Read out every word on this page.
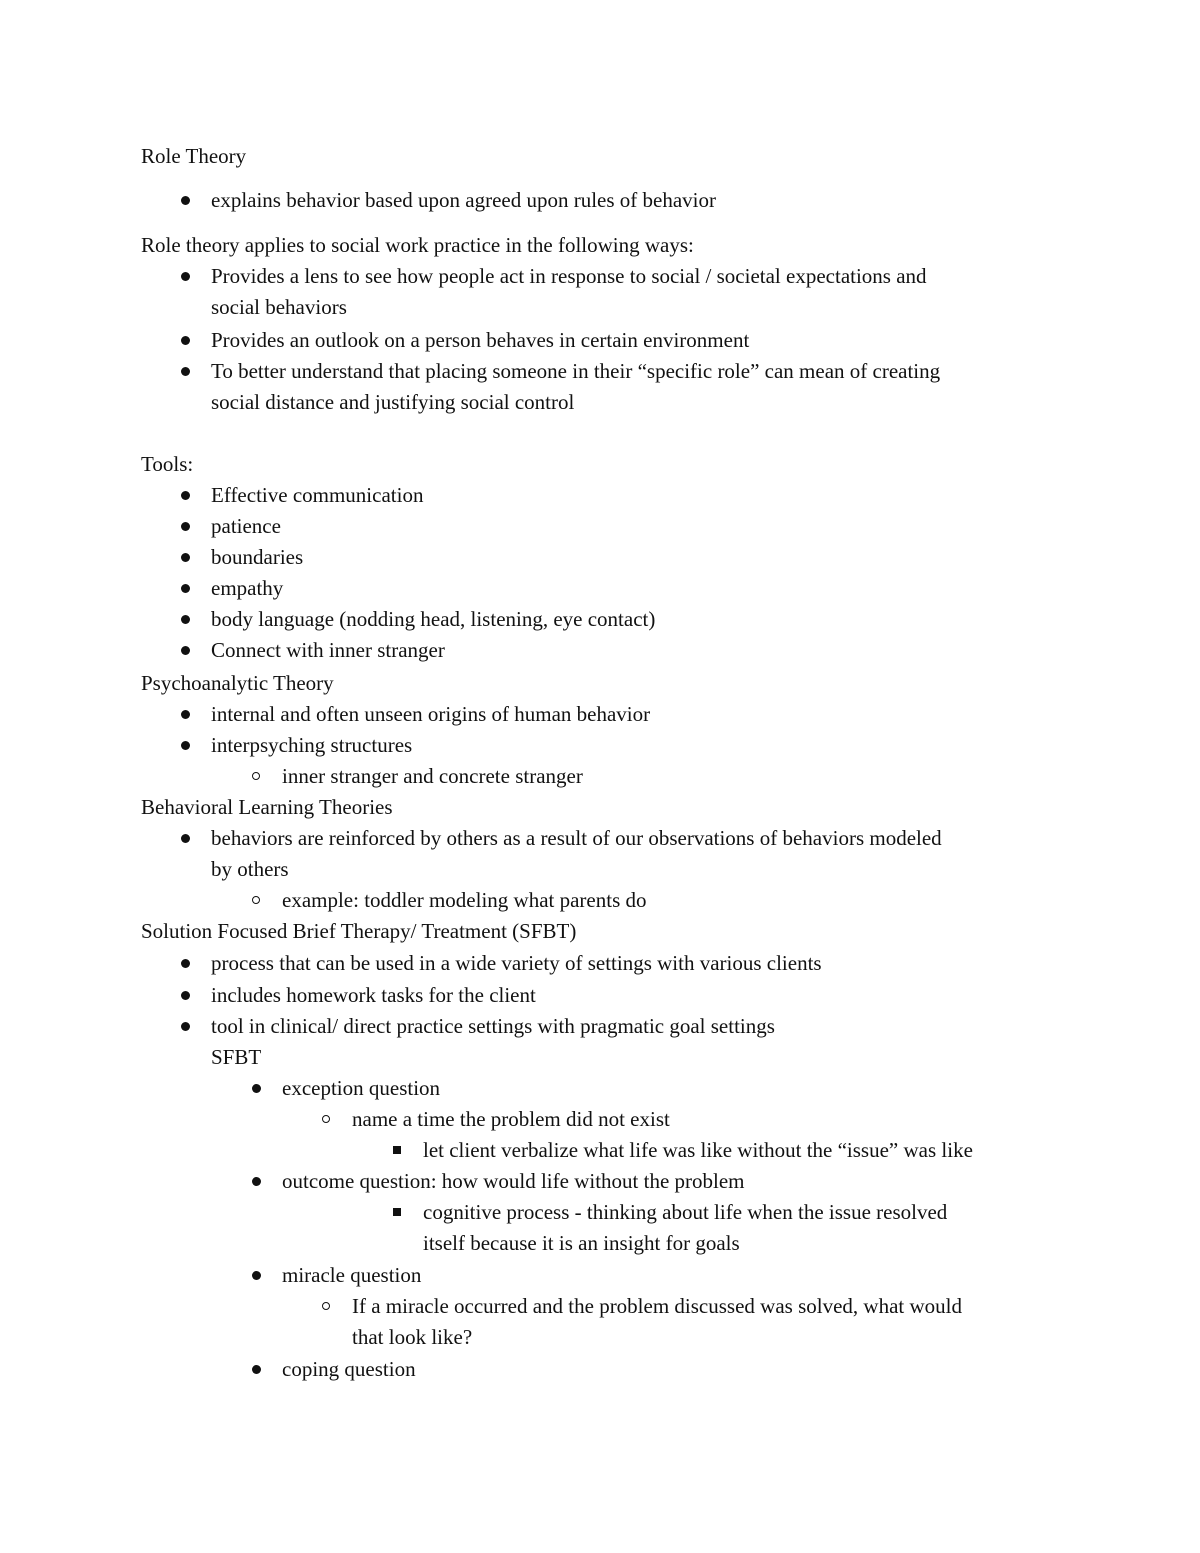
Role Theory
explains behavior based upon agreed upon rules of behavior
Role theory applies to social work practice in the following ways:
Provides a lens to see how people act in response to social / societal expectations and
social behaviors
Provides an outlook on a person behaves in certain environment
To better understand that placing someone in their “specific role” can mean of creating
social distance and justifying social control
Tools:
Effective communication
patience
boundaries
empathy
body language (nodding head, listening, eye contact)
Connect with inner stranger
Psychoanalytic Theory
internal and often unseen origins of human behavior
interpsyching structures
inner stranger and concrete stranger
Behavioral Learning Theories
behaviors are reinforced by others as a result of our observations of behaviors modeled
by others
example: toddler modeling what parents do
Solution Focused Brief Therapy/ Treatment (SFBT)
process that can be used in a wide variety of settings with various clients
includes homework tasks for the client
tool in clinical/ direct practice settings with pragmatic goal settings
SFBT
exception question
name a time the problem did not exist
let client verbalize what life was like without the “issue” was like
outcome question: how would life without the problem
cognitive process - thinking about life when the issue resolved
itself because it is an insight for goals
miracle question
If a miracle occurred and the problem discussed was solved, what would
that look like?
coping question
